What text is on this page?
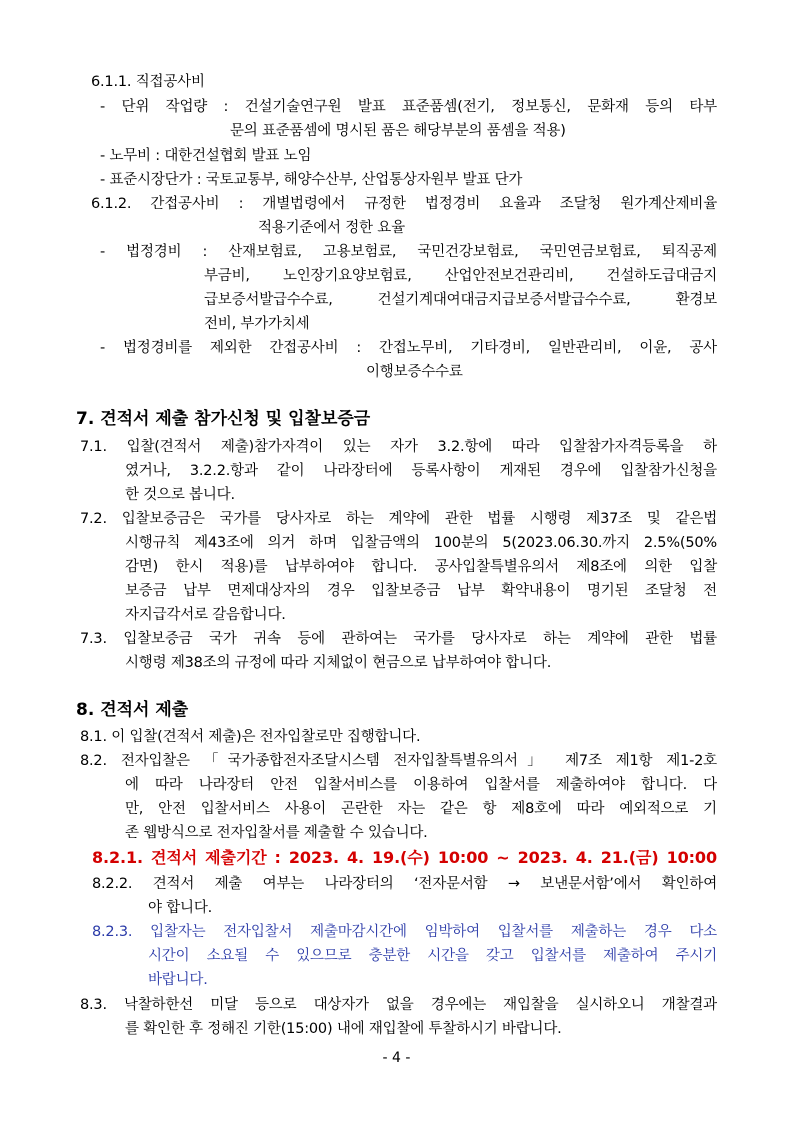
6.1.1. 직접공사비
- 단위 작업량 : 건설기술연구원 발표 표준품셈(전기, 정보통신, 문화재 등의 타부
문의 표준품셈에 명시된 품은 해당부분의 품셈을 적용)
- 노무비 : 대한건설협회 발표 노임
- 표준시장단가 : 국토교통부, 해양수산부, 산업통상자원부 발표 단가
6.1.2. 간접공사비 : 개별법령에서 규정한 법정경비 요율과 조달청 원가계산제비율
적용기준에서 정한 요율
- 법정경비 : 산재보험료, 고용보험료, 국민건강보험료, 국민연금보험료, 퇴직공제
부금비, 노인장기요양보험료, 산업안전보건관리비, 건설하도급대금지
급보증서발급수수료, 건설기계대여대금지급보증서발급수수료, 환경보
전비, 부가가치세
- 법정경비를 제외한 간접공사비 : 간접노무비, 기타경비, 일반관리비, 이윤, 공사
이행보증수수료
7. 견적서 제출 참가신청 및 입찰보증금
7.1. 입찰(견적서 제출)참가자격이 있는 자가 3.2.항에 따라 입찰참가자격등록을 하
였거나, 3.2.2.항과 같이 나라장터에 등록사항이 게재된 경우에 입찰참가신청을
한 것으로 봅니다.
7.2. 입찰보증금은 국가를 당사자로 하는 계약에 관한 법률 시행령 제37조 및 같은법
시행규칙 제43조에 의거 하며 입찰금액의 100분의 5(2023.06.30.까지 2.5%(50%
감면) 한시 적용)를 납부하여야 합니다. 공사입찰특별유의서 제8조에 의한 입찰
보증금 납부 면제대상자의 경우 입찰보증금 납부 확약내용이 명기된 조달청 전
자지급각서로 갈음합니다.
7.3. 입찰보증금 국가 귀속 등에 관하여는 국가를 당사자로 하는 계약에 관한 법률
시행령 제38조의 규정에 따라 지체없이 현금으로 납부하여야 합니다.
8. 견적서 제출
8.1. 이 입찰(견적서 제출)은 전자입찰로만 집행합니다.
8.2. 전자입찰은 「국가종합전자조달시스템 전자입찰특별유의서」 제7조 제1항 제1-2호
에 따라 나라장터 안전 입찰서비스를 이용하여 입찰서를 제출하여야 합니다. 다
만, 안전 입찰서비스 사용이 곤란한 자는 같은 항 제8호에 따라 예외적으로 기
존 웹방식으로 전자입찰서를 제출할 수 있습니다.
8.2.1. 견적서 제출기간 : 2023. 4. 19.(수) 10:00 ~ 2023. 4. 21.(금) 10:00
8.2.2. 견적서 제출 여부는 나라장터의 ‘전자문서함 → 보낸문서함’에서 확인하여
야 합니다.
8.2.3. 입찰자는 전자입찰서 제출마감시간에 임박하여 입찰서를 제출하는 경우 다소
시간이 소요될 수 있으므로 충분한 시간을 갖고 입찰서를 제출하여 주시기
바랍니다.
8.3. 낙찰하한선 미달 등으로 대상자가 없을 경우에는 재입찰을 실시하오니 개찰결과
를 확인한 후 정해진 기한(15:00) 내에 재입찰에 투찰하시기 바랍니다.
- 4 -
